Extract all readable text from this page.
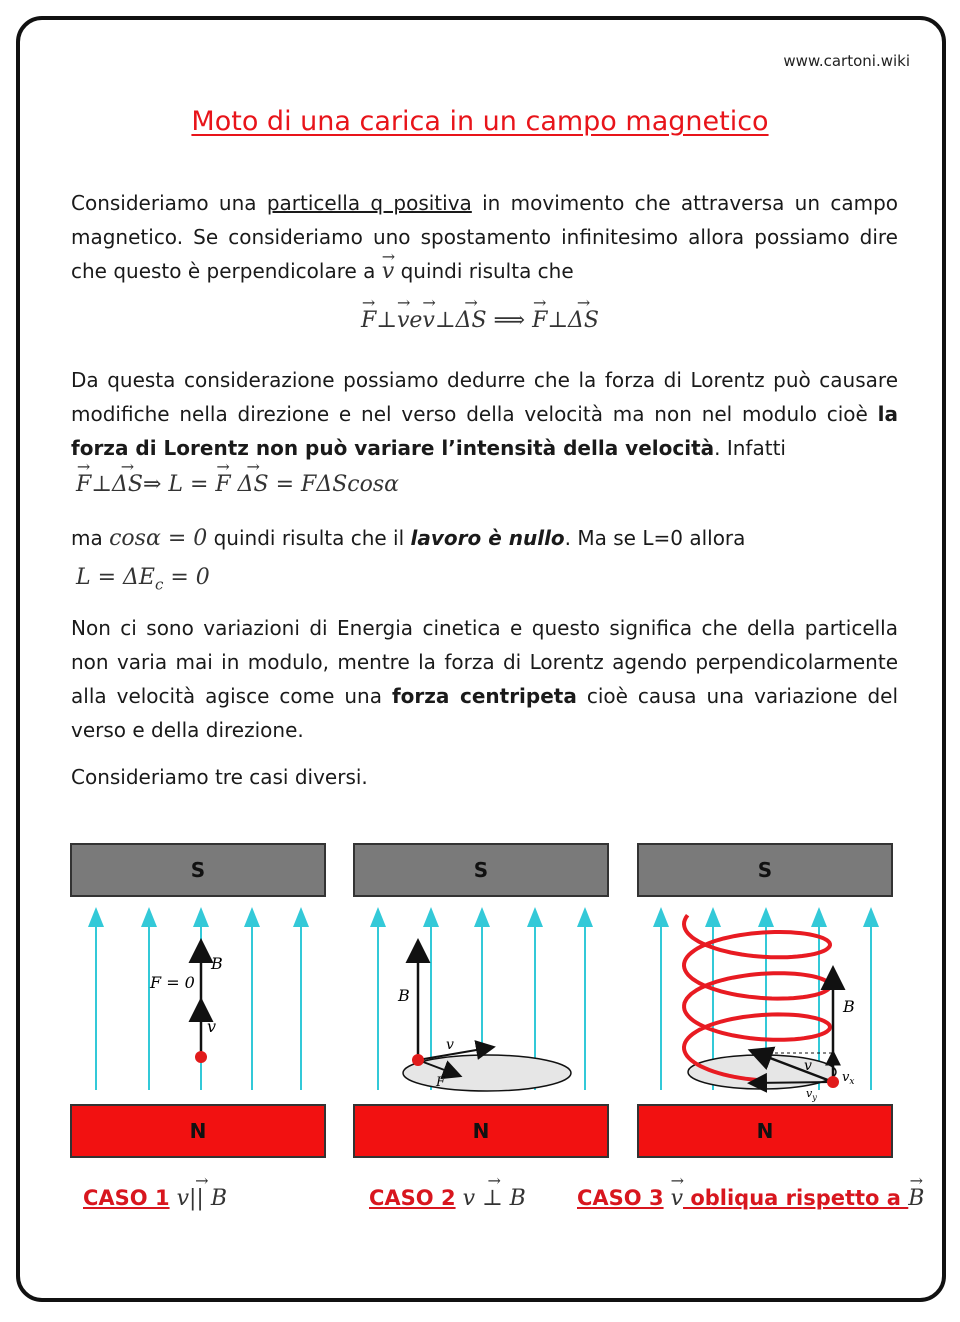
www.cartoni.wiki
Moto di una carica in un campo magnetico
Consideriamo una particella q positiva in movimento che attraversa un campo magnetico. Se consideriamo uno spostamento infinitesimo allora possiamo dire che questo è perpendicolare a → v quindi risulta che
→ F⊥→ ve→ v⊥→ ΔS ⟹ → F⊥→ ΔS
Da questa considerazione possiamo dedurre che la forza di Lorentz può causare modifiche nella direzione e nel verso della velocità ma non nel modulo cioè la forza di Lorentz non può variare l’intensità della velocità. Infatti
→ F⊥→ ΔS⇒ L = → F → ΔS = FΔScosα
ma cosα = 0 quindi risulta che il lavoro è nullo. Ma se L=0 allora
$L = \Delta E_c = 0$
Non ci sono variazioni di Energia cinetica e questo significa che della particella non varia mai in modulo, mentre la forza di Lorentz agendo perpendicolarmente alla velocità agisce come una forza centripeta cioè causa una variazione del verso e della direzione.
Consideriamo tre casi diversi.
S	S	S
N	N	N
B
F = 0
v
B
v
F
B
v
$v_x$
$v_y$
CASO 1 → v|| B	CASO 2 → v ⊥ B CASO 3 → v obliqua rispetto a → B
